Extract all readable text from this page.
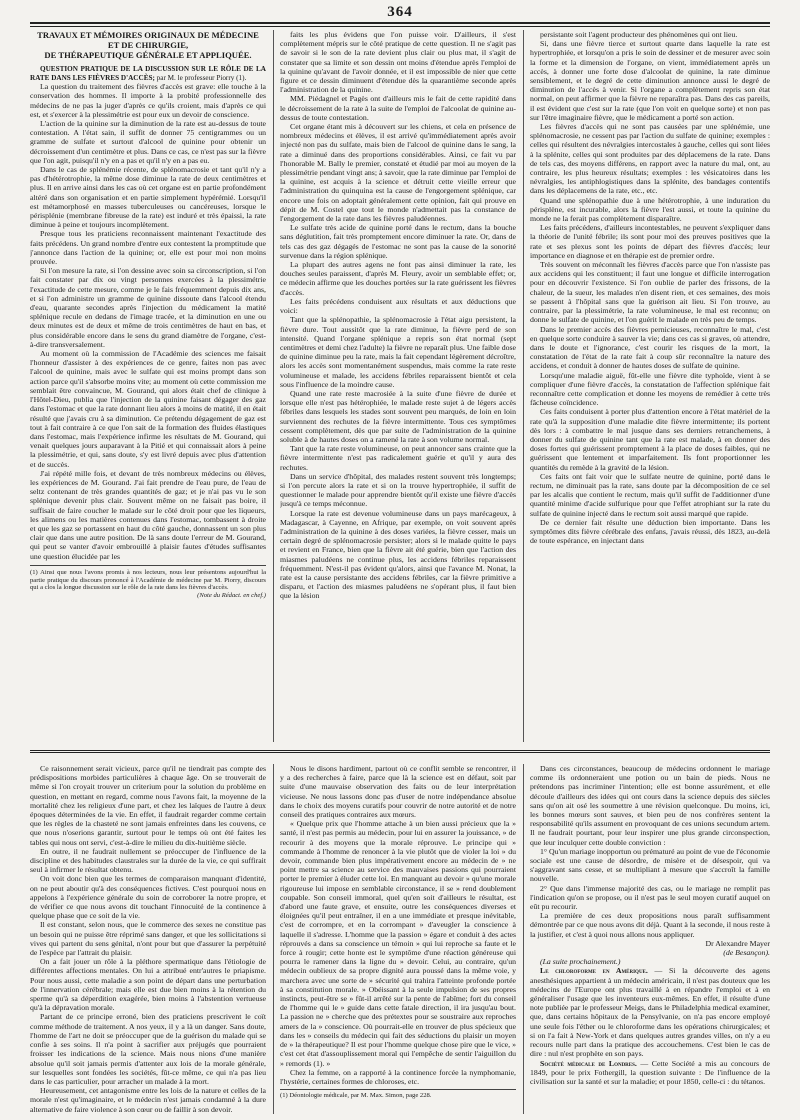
364
TRAVAUX ET MÉMOIRES ORIGINAUX DE MÉDECINE
ET DE CHIRURGIE,
DE THÉRAPEUTIQUE GÉNÉRALE ET APPLIQUÉE.

QUESTION PRATIQUE DE LA DISCUSSION SUR LE RÔLE DE LA RATE DANS LES FIÈVRES D'ACCÈS; par M. le professeur Piorry (1).

La question du traitement des fièvres d'accès est grave: elle touche à la conservation des hommes. Il importe à la probité professionnelle des médecins de ne pas la juger d'après ce qu'ils croient, mais d'après ce qui est, et s'exercer à la plessimétrie est pour eux un devoir de conscience.

L'action de la quinine sur la diminution de la rate est au-dessus de toute contestation. A l'état sain, il suffit de donner 75 centigrammes ou un gramme de sulfate et surtout d'alcool de quinine pour obtenir un décroissement d'un centimètre et plus. Dans ce cas, ce n'est pas sur la fièvre que l'on agit, puisqu'il n'y en a pas et qu'il n'y en a pas eu.

Dans le cas de splénémie récente, de splénomacrosie et tant qu'il n'y a pas d'hétérotrophie, la même dose diminue la rate de deux centimètres et plus. Il en arrive ainsi dans les cas où cet organe est en partie profondément altéré dans son organisation et en partie simplement hypérémié. Lorsqu'il est métamorphosé en masses tuberculeuses ou cancéreuses, lorsque le périsplénie (membrane fibreuse de la rate) est induré et très épaissi, la rate diminue à peine et toujours incomplètement.

Presque tous les praticiens reconnaissent maintenant l'exactitude des faits précédens. Un grand nombre d'entre eux contestent la promptitude que j'annonce dans l'action de la quinine; or, elle est pour moi non moins prouvée.

Si l'on mesure la rate, si l'on dessine avec soin sa circonscription, si l'on fait constater par dix ou vingt personnes exercées à la plessimétrie l'exactitude de cette mesure, comme je le fais fréquemment depuis dix ans, et si l'on administre un gramme de quinine dissoute dans l'alcool étendu d'eau, quarante secondes après l'injection du médicament la matité splénique recule en dedans de l'image tracée, et la diminution en une ou deux minutes est de deux et même de trois centimètres de haut en bas, et plus considérable encore dans le sens du grand diamètre de l'organe, c'est-à-dire transversalement.

Au moment où la commission de l'Académie des sciences me faisait l'honneur d'assister à des expériences de ce genre, faites non pas avec l'alcool de quinine, mais avec le sulfate qui est moins prompt dans son action parce qu'il s'absorbe moins vite; au moment où cette commission me semblait être convaincue, M. Gourand, qui alors était chef de clinique à l'Hôtel-Dieu, publia que l'injection de la quinine faisant dégager des gaz dans l'estomac et que la rate donnant lieu alors à moins de matité, il en était résulté que j'avais cru à sa diminution. Ce prétendu dégagement de gaz est tout à fait contraire à ce que l'on sait de la formation des fluides élastiques dans l'estomac, mais l'expérience infirme les résultats de M. Gourand, qui venait quelques jours auparavant à la Pitié et qui connaissait alors à peine la plessimétrie, et qui, sans doute, s'y est livré depuis avec plus d'attention et de succès.

J'ai répété mille fois, et devant de très nombreux médecins ou élèves, les expériences de M. Gourand. J'ai fait prendre de l'eau pure, de l'eau de seltz contenant de très grandes quantités de gaz; et je n'ai pas vu le son splénique devenir plus clair. Souvent même on ne faisait pas boire, il suffisait de faire coucher le malade sur le côté droit pour que les liqueurs, les alimens ou les matières contenues dans l'estomac, tombassent à droite et que les gaz se portassent en haut du côté gauche, donnassent un son plus clair que dans une autre position. De là sans doute l'erreur de M. Gourand, qui peut se vanter d'avoir embrouillé à plaisir fautes d'études suffisantes une question élucidée par les

(1) Ainsi que nous l'avons promis à nos lecteurs, nous leur présentons aujourd'hui la partie pratique du discours prononcé à l'Académie de médecine par M. Piorry, discours qui a clos la longue discussion sur le rôle de la rate dans les fièvres d'accès.
(Note du Rédact. en chef.)

faits les plus évidens que l'on puisse voir. D'ailleurs, il s'est complètement mépris sur le côté pratique de cette question. Il ne s'agit pas de savoir si le son de la rate devient plus clair ou plus mat, il s'agit de constater que sa limite et son dessin ont moins d'étendue après l'emploi de la quinine qu'avant de l'avoir donnée, et il est impossible de nier que cette figure et ce dessin diminuent d'étendue dès la quarantième seconde après l'administration de la quinine.

MM. Piédagnel et Pagès ont d'ailleurs mis le fait de cette rapidité dans le décroissement de la rate à la suite de l'emploi de l'alcoolat de quinine au-dessus de toute contestation.

Cet organe étant mis à découvert sur les chiens, et cela en présence de nombreux médecins et élèves, il est arrivé qu'immédiatement après avoir injecté non pas du sulfate, mais bien de l'alcool de quinine dans le sang, la rate a diminué dans des proportions considérables. Ainsi, ce fait vu par l'honorable M. Bally le premier, constaté et étudié par moi au moyen de la plessimétrie pendant vingt ans; à savoir, que la rate diminue par l'emploi de la quinine, est acquis à la science et détruit cette vieille erreur que l'administration du quinquina est la cause de l'engorgement splénique, car encore une fois on adoptait généralement cette opinion, fait qui prouve en dépit de M. Costel que tout le monde n'admettait pas la constance de l'engorgement de la rate dans les fièvres paludéennes.

Le sulfate très acide de quinine porté dans le rectum, dans la bouche sans déglutition, fait très promptement encore diminuer la rate. Or, dans de tels cas des gaz dégagés de l'estomac ne sont pas la cause de la sonorité survenue dans la région splénique.

La plupart des autres agens ne font pas ainsi diminuer la rate, les douches seules paraissent, d'après M. Fleury, avoir un semblable effet; or, ce médecin affirme que les douches portées sur la rate guérissent les fièvres d'accès.

Les faits précédens conduisent aux résultats et aux déductions que voici:

Tant que la splénopathie, la splénomacrosie à l'état aigu persistent, la fièvre dure. Tout aussitôt que la rate diminue, la fièvre perd de son intensité. Quand l'organe splénique a repris son état normal (sept centimètres et demi chez l'adulte) la fièvre ne reparaît plus. Une faible dose de quinine diminue peu la rate, mais la fait cependant légèrement décroître, alors les accès sont momentanément suspendus, mais comme la rate reste volumineuse et malade, les accidens fébriles reparaissent bientôt et cela sous l'influence de la moindre cause.

Quand une rate reste macrosiée à la suite d'une fièvre de durée et lorsque elle n'est pas hétérophiée, le malade reste sujet à de légers accès fébriles dans lesquels les stades sont souvent peu marqués, de loin en loin surviennent des rechutes de la fièvre intermittente. Tous ces symptômes cessent complètement, dès que par suite de l'administration de la quinine soluble à de hautes doses on a ramené la rate à son volume normal.

Tant que la rate reste volumineuse, on peut annoncer sans crainte que la fièvre intermittente n'est pas radicalement guérie et qu'il y aura des rechutes.

Dans un service d'hôpital, des malades restent souvent très longtemps; si l'on percute alors la rate et si on la trouve hypertrophiée, il suffit de questionner le malade pour apprendre bientôt qu'il existe une fièvre d'accès jusqu'à ce temps méconnue.

Lorsque la rate est devenue volumineuse dans un pays marécageux, à Madagascar, à Cayenne, en Afrique, par exemple, on voit souvent après l'administration de la quinine à des doses variées, la fièvre cesser, mais un certain degré de splénomacrosie persister; alors si le malade quitte le pays et revient en France, bien que la fièvre ait été guérie, bien que l'action des miasmes paludéens ne continue plus, les accidens fébriles reparaissent fréquemment. N'est-il pas évident qu'alors, ainsi que l'avance M. Nonat, la rate est la cause persistante des accidens fébriles, car la fièvre primitive a disparu, et l'action des miasmes paludéens ne s'opérant plus, il faut bien que la lésion

persistante soit l'agent producteur des phénomènes qui ont lieu.

Si, dans une fièvre tierce et surtout quarte dans laquelle la rate est hypertrophiée, et lorsqu'on a pris le soin de dessiner et de mesurer avec soin la forme et la dimension de l'organe, on vient, immédiatement après un accès, à donner une forte dose d'alcoolat de quinine, la rate diminue sensiblement, et le degré de cette diminution annonce aussi le degré de diminution de l'accès à venir. Si l'organe a complètement repris son état normal, on peut affirmer que la fièvre ne reparaîtra pas. Dans des cas pareils, il est évident que c'est sur la rate (que l'on voit en quelque sorte) et non pas sur l'être imaginaire fièvre, que le médicament a porté son action.

Les fièvres d'accès qui ne sont pas causées par une splénémie, une splénomacrosie, ne cessent pas par l'action du sulfate de quinine; exemples : celles qui résultent des névralgies intercostales à gauche, celles qui sont liées à la splénite, celles qui sont produites par des déplacemens de la rate. Dans de tels cas, des moyens différens, en rapport avec la nature du mal, ont, au contraire, les plus heureux résultats; exemples : les vésicatoires dans les névralgies, les antiphlogistiques dans la splénite, des bandages contentifs dans les déplacemens de la rate, etc., etc.

Quand une splénopathie due à une hétérotrophie, à une induration du périsplène, est incurable, alors la fièvre l'est aussi, et toute la quinine du monde ne la ferait pas complètement disparaître.

Les faits précédens, d'ailleurs incontestables, ne peuvent s'expliquer dans la théorie de l'unité fébrile; ils sont pour moi des preuves positives que la rate et ses plexus sont les points de départ des fièvres d'accès; leur importance en diagnose et en thérapie est de premier ordre.

Très souvent on méconnaît les fièvres d'accès parce que l'on n'assiste pas aux accidens qui les constituent; il faut une longue et difficile interrogation pour en découvrir l'existence. Si l'on oublie de parler des frissons, de la chaleur, de la sueur, les malades n'en disent rien, et ces semaines, des mois se passent à l'hôpital sans que la guérison ait lieu. Si l'on trouve, au contraire, par la plessimétrie, la rate volumineuse, le mal est reconnu; on donne le sulfate de quinine, et l'on guérit le malade en très peu de temps.

Dans le premier accès des fièvres pernicieuses, reconnaître le mal, c'est en quelque sorte conduire à sauver la vie; dans ces cas si graves, où attendre, dans le doute et l'ignorance, c'est courir les risques de la mort, la constatation de l'état de la rate fait à coup sûr reconnaître la nature des accidens, et conduit à donner de hautes doses de sulfate de quinine.

Lorsqu'une maladie aiguë, fût-elle une fièvre dite typhoïde, vient à se compliquer d'une fièvre d'accès, la constatation de l'affection splénique fait reconnaître cette complication et donne les moyens de remédier à cette très fâcheuse coïncidence.

Ces faits conduisent à porter plus d'attention encore à l'état matériel de la rate qu'à la supposition d'une maladie dite fièvre intermittente; ils portent dès lors : à combattre le mal jusque dans ses derniers retranchemens, à donner du sulfate de quinine tant que la rate est malade, à en donner des doses fortes qui guérissent promptement à la place de doses faibles, qui ne guérissent que lentement et imparfaitement. Ils font proportionner les quantités du remède à la gravité de la lésion.

Ces faits ont fait voir que le sulfate neutre de quinine, porté dans le rectum, ne diminuait pas la rate, sans doute par la décomposition de ce sel par les alcalis que contient le rectum, mais qu'il suffit de l'additionner d'une quantité minime d'acide sulfurique pour que l'effet atrophiant sur la rate du sulfate de quinine injecté dans le rectum soit aussi marqué que rapide.

De ce dernier fait résulte une déduction bien importante. Dans les symptômes dits fièvre cérébrale des enfans, j'avais réussi, dès 1823, au-delà de toute espérance, en injectant dans

Ce raisonnement serait vicieux, parce qu'il ne tiendrait pas compte des prédispositions morbides particulières à chaque âge. On se trouverait de même si l'on croyait trouver un criterium pour la solution du problème en question, en mettant en regard, comme nous l'avons fait, la moyenne de la mortalité chez les religieux d'une part, et chez les laïques de l'autre à deux époques déterminées de la vie. En effet, il faudrait regarder comme certain que les règles de la chasteté ne sont jamais enfreintes dans les couvens, ce que nous n'oserions garantir, surtout pour le temps où ont été faites les tables qui nous ont servi, c'est-à-dire le milieu du dix-huitième siècle.

En outre, il ne faudrait nullement se préoccuper de l'influence de la discipline et des habitudes claustrales sur la durée de la vie, ce qui suffirait seul à infirmer le résultat obtenu.

On voit donc bien que les termes de comparaison manquant d'identité, on ne peut aboutir qu'à des conséquences fictives. C'est pourquoi nous en appelons à l'expérience générale du soin de corroborer la notre propre, et de vérifier ce que nous avons dit touchant l'innocuité de la continence à quelque phase que ce soit de la vie.

Il est constant, selon nous, que le commerce des sexes ne constitue pas un besoin qui ne puisse être réprimé sans danger, et que les sollicitations si vives qui partent du sens génital, n'ont pour but que d'assurer la perpétuité de l'espèce par l'attrait du plaisir.

On a fait jouer un rôle à la pléthore spermatique dans l'étiologie de différentes affections mentales. On lui a attribué entr'autres le priapisme. Pour nous aussi, cette maladie a son point de départ dans une perturbation de l'innervation cérébrale; mais elle est due bien moins à la rétention du sperme qu'à sa déperdition exagérée, bien moins à l'abstention vertueuse qu'à la dépravation morale.

Partant de ce principe erroné, bien des praticiens prescrivent le coït comme méthode de traitement. A nos yeux, il y a là un danger. Sans doute, l'homme de l'art ne doit se préoccuper que de la guérison du malade qui se confie à ses soins. Il n'a point à sacrifier aux préjugés que pourraient froisser les indications de la science. Mais nous nions d'une manière absolue qu'il soit jamais permis d'attenter aux lois de la morale générale, sur lesquelles sont fondées les sociétés, fût-ce même, ce qui n'a pas lieu dans le cas particulier, pour arracher un malade à la mort.

Heureusement, cet antagonisme entre les lois de la nature et celles de la morale n'est qu'imaginaire, et le médecin n'est jamais condamné à la dure alternative de faire violence à son cœur ou de faillir à son devoir.

Nous le disons hardiment, partout où ce conflit semble se rencontrer, il y a des recherches à faire, parce que là la science est en défaut, soit par suite d'une mauvaise observation des faits ou de leur interprétation vicieuse. Ne nous lassons donc pas d'user de notre indépendance absolue dans le choix des moyens curatifs pour couvrir de notre autorité et de notre conseil des pratiques contraires aux mœurs.

« Quelque prix que l'homme attache à un bien aussi précieux que la » santé, il n'est pas permis au médecin, pour lui en assurer la jouissance, » de recourir à des moyens que la morale réprouve. Le principe qui » commande à l'homme de renoncer à la vie plutôt que de violer la loi » du devoir, commande bien plus impérativement encore au médecin de » ne point mettre sa science au service des mauvaises passions qui pourraient porter le premier à éluder cette loi. En manquant au devoir » qu'une morale rigoureuse lui impose en semblable circonstance, il se » rend doublement coupable. Son conseil immoral, quel qu'en soit d'ailleurs le résultat, est d'abord une faute grave, et ensuite, outre les conséquences diverses et éloignées qu'il peut entraîner, il en a une immédiate et presque inévitable, c'est de corrompre, et en la corrompant » d'aveugler la conscience à laquelle il s'adresse. L'homme que la passion » égare et conduit à des actes réprouvés a dans sa conscience un témoin » qui lui reproche sa faute et le force à rougir; cette honte est le symptôme d'une réaction généreuse qui pourra le ramener dans la ligne du » devoir. Celui, au contraire, qu'un médecin oublieux de sa propre dignité aura poussé dans la même voie, y marchera avec une sorte de » sécurité qui trahira l'atteinte profonde portée à sa constitution morale. » Obéissant à la seule impulsion de ses propres instincts, peut-être se » fût-il arrêté sur la pente de l'abîme; fort du conseil de l'homme qui le » guide dans cette fatale direction, il ira jusqu'au bout. La passion ne » cherche que des prétextes pour se soustraire aux reproches amers de la » conscience. Où pourrait-elle en trouver de plus spécieux que dans les » conseils du médecin qui fait des séductions du plaisir un moyen de » la thérapeutique? Il est pour l'homme quelque chose pire que le vice, » c'est cet état d'assouplissement moral qui l'empêche de sentir l'aiguillon du » remords (1). »

Chez la femme, on a rapporté à la continence forcée la nymphomanie, l'hystérie, certaines formes de chloroses, etc.

(1) Déontologie médicale, par M. Max. Simon, page 228.

Dans ces circonstances, beaucoup de médecins ordonnent le mariage comme ils ordonneraient une potion ou un bain de pieds. Nous ne prétendons pas incriminer l'intention; elle est bonne assurément, et elle découle d'ailleurs des idées qui ont cours dans la science depuis des siècles sans qu'on ait osé les soumettre à une révision quelconque. Du moins, ici, les bonnes mœurs sont sauves, et bien peu de nos confrères sentent la responsabilité qu'ils assument en provoquant de ces unions secundum artem. Il ne faudrait pourtant, pour leur inspirer une plus grande circonspection, que leur inculquer cette double conviction :

1° Qu'un mariage inopportun ou prématuré au point de vue de l'économie sociale est une cause de désordre, de misère et de désespoir, qui va s'aggravant sans cesse, et se multipliant à mesure que s'accroît la famille nouvelle.

2° Que dans l'immense majorité des cas, ou le mariage ne remplit pas l'indication qu'on se propose, ou il n'est pas le seul moyen curatif auquel on eût pu recourir.

La première de ces deux propositions nous paraît suffisamment démontrée par ce que nous avons dit déjà. Quant à la seconde, il nous reste à la justifier, et c'est à quoi nous allons nous appliquer.

Dr Alexandre Mayer
(de Besançon).

(La suite prochainement.)

Le chloroforme en Amérique. — Si la découverte des agens anesthésiques appartient à un médecin américain, il n'est pas douteux que les médecins de l'Europe ont plus travaillé à en répandre l'emploi et à en généraliser l'usage que les inventeurs eux-mêmes. En effet, il résulte d'une note publiée par le professeur Meigs, dans le Philadelphia medical examiner, que, dans certains hôpitaux de la Pensylvanie, on n'a pas encore employé une seule fois l'éther ou le chloroforme dans les opérations chirurgicales; et si on l'a fait à New-York et dans quelques autres grandes villes, on n'y a eu recours nulle part dans la pratique des accouchemens. C'est bien le cas de dire : nul n'est prophète en son pays.

Société médicale de Londres. — Cette Société a mis au concours de 1849, pour le prix Fothergill, la question suivante : De l'influence de la civilisation sur la santé et sur la maladie; et pour 1850, celle-ci : du tétanos.
